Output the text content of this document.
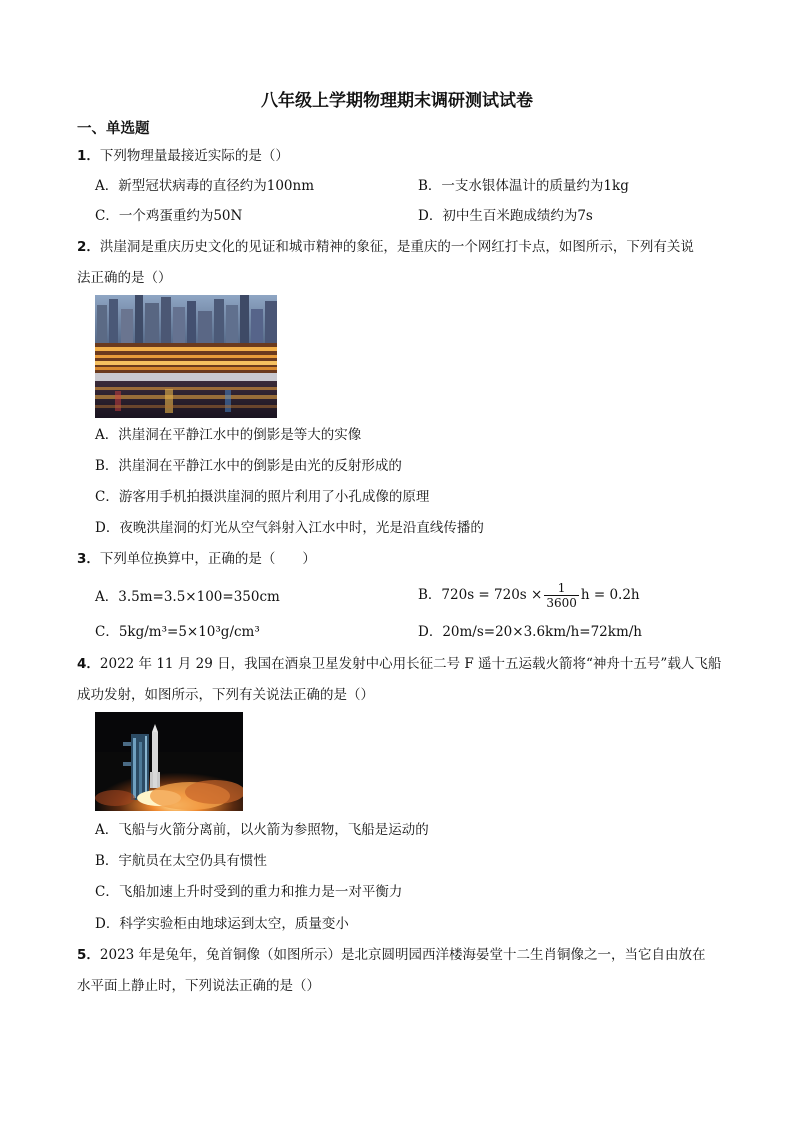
八年级上学期物理期末调研测试试卷
一、单选题
1．下列物理量最接近实际的是（）
A．新型冠状病毒的直径约为100nm	B．一支水银体温计的质量约为1kg
C．一个鸡蛋重约为50N	D．初中生百米跑成绩约为7s
2．洪崖洞是重庆历史文化的见证和城市精神的象征，是重庆的一个网红打卡点，如图所示，下列有关说
法正确的是（）
A．洪崖洞在平静江水中的倒影是等大的实像
B．洪崖洞在平静江水中的倒影是由光的反射形成的
C．游客用手机拍摄洪崖洞的照片利用了小孔成像的原理
D．夜晚洪崖洞的灯光从空气斜射入江水中时，光是沿直线传播的
3．下列单位换算中，正确的是（　　）
A．3.5m=3.5×100=350cm	B．$720s = 720s \times \frac{1}{3600}$ h = 0.2h
C．5kg/m³=5×10³g/cm³	D．20m/s=20×3.6km/h=72km/h
4．2022 年 11 月 29 日，我国在酒泉卫星发射中心用长征二号 F 遥十五运载火箭将“神舟十五号”载人飞船
成功发射，如图所示，下列有关说法正确的是（）
A．飞船与火箭分离前，以火箭为参照物，飞船是运动的
B．宇航员在太空仍具有惯性
C．飞船加速上升时受到的重力和推力是一对平衡力
D．科学实验柜由地球运到太空，质量变小
5．2023 年是兔年，兔首铜像（如图所示）是北京圆明园西洋楼海晏堂十二生肖铜像之一，当它自由放在
水平面上静止时，下列说法正确的是（）
